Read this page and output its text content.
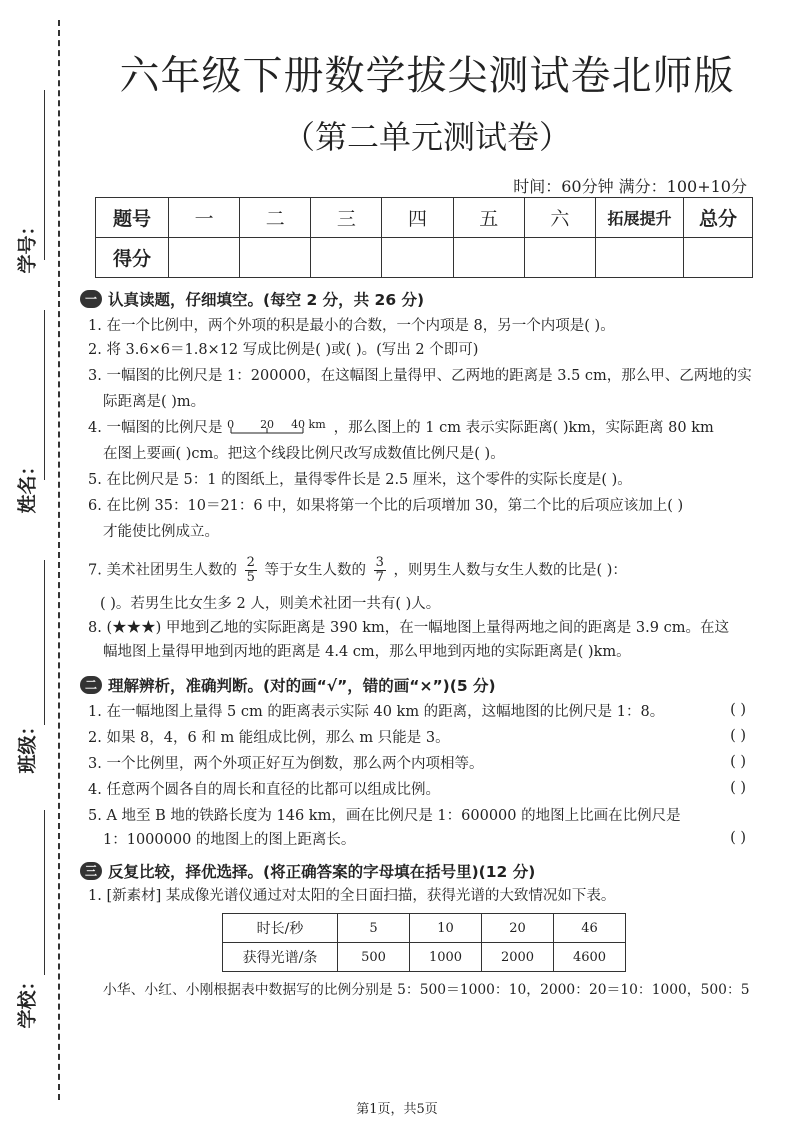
学号：
姓名：
班级：
学校：
六年级下册数学拔尖测试卷北师版
（第二单元测试卷）
时间：60分钟 满分：100+10分
题号	一	二	三	四	五	六	拓展提升	总分
得分								
一 认真读题，仔细填空。(每空 2 分，共 26 分)
1. 在一个比例中，两个外项的积是最小的合数，一个内项是 8，另一个内项是( )。
2. 将 3.6×6＝1.8×12 写成比例是( )或( )。(写出 2 个即可)
3. 一幅图的比例尺是 1：200000，在这幅图上量得甲、乙两地的距离是 3.5 cm，那么甲、乙两地的实
际距离是( )m。
4. 一幅图的比例尺是 0 20 40 km ，那么图上的 1 cm 表示实际距离( )km，实际距离 80 km
在图上要画( )cm。把这个线段比例尺改写成数值比例尺是( )。
5. 在比例尺是 5：1 的图纸上，量得零件长是 2.5 厘米，这个零件的实际长度是( )。
6. 在比例 35：10＝21：6 中，如果将第一个比的后项增加 30，第二个比的后项应该加上( )
才能使比例成立。
7. 美术社团男生人数的 $\frac{2}{5}$ 等于女生人数的 $\frac{3}{7}$ ，则男生人数与女生人数的比是( )：
( )。若男生比女生多 2 人，则美术社团一共有( )人。
8. (★★★) 甲地到乙地的实际距离是 390 km，在一幅地图上量得两地之间的距离是 3.9 cm。在这
幅地图上量得甲地到丙地的距离是 4.4 cm，那么甲地到丙地的实际距离是( )km。
二 理解辨析，准确判断。(对的画“√”，错的画“×”)(5 分)
1. 在一幅地图上量得 5 cm 的距离表示实际 40 km 的距离，这幅地图的比例尺是 1：8。	( )
2. 如果 8，4，6 和 m 能组成比例，那么 m 只能是 3。	( )
3. 一个比例里，两个外项正好互为倒数，那么两个内项相等。	( )
4. 任意两个圆各自的周长和直径的比都可以组成比例。	( )
5. A 地至 B 地的铁路长度为 146 km，画在比例尺是 1：600000 的地图上比画在比例尺是
1：1000000 的地图上的图上距离长。	( )
三 反复比较，择优选择。(将正确答案的字母填在括号里)(12 分)
1. [新素材] 某成像光谱仪通过对太阳的全日面扫描，获得光谱的大致情况如下表。
时长/秒	5	10	20	46
获得光谱/条	500	1000	2000	4600
小华、小红、小刚根据表中数据写的比例分别是 5：500＝1000：10，2000：20＝10：1000，500：5
第1页，共5页
